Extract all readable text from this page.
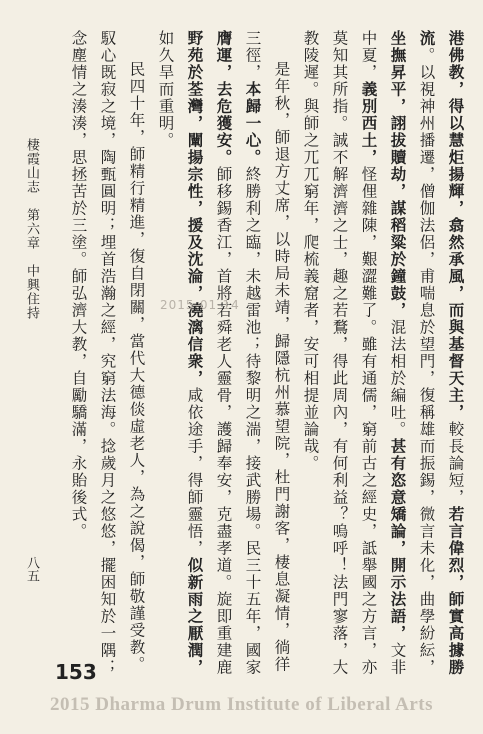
港佛教，得以慧炬揚輝，翕然承風，而與基督天主，較長論短，若言偉烈，師實高據勝
流。以視神州播遷，僧伽法侶，甫喘息於望門，復稱雄而振錫，微言未化，曲學紛紜，
坐撫昇平，詡拔贖劫，謀稻粱於鐘鼓，混法相於編吐。甚有恣意矯論，開示法語，文非
中夏，義別西土，怪俚雜陳，艱澀難了。雖有通儒，窮前古之經史，詆舉國之方言，亦
莫知其所指。誠不解濟濟之士，趣之若鶩，得此周內，有何利益？嗚呼！法門寥落，大
教陵遲。與師之兀兀窮年，爬梳義窟者，安可相提並論哉。
是年秋，師退方丈席，以時局未靖，歸隱杭州慕望院，杜門謝客，棲息凝情，徜徉
三徑，本歸一心。終勝利之臨，未越雷池；待黎明之湍，接武勝場。民三十五年，國家
膺運，去危獲安。師移錫香江，首將若舜老人靈骨，護歸奉安，克盡孝道。旋即重建鹿
野苑於荃灣，闡揚宗性，援及沈淪，澆漓信衆，咸依途手，得師靈悟，似新雨之厭潤，
如久旱而重明。
民四十年，師精行精進，復自閉關，當代大德倓虛老人，為之說偈，師敬謹受教。
馭心既寂之境，陶甄圓明；埋首浩瀚之經，究窮法海。捻歲月之悠悠，擺困知於一隅；
念塵情之湊湊，思拯苦於三塗。師弘濟大教，自勵驕滿，永貽後式。
棲霞山志第六章中興住持
八五
2015-01-14
153
2015 Dharma Drum Institute of Liberal Arts
